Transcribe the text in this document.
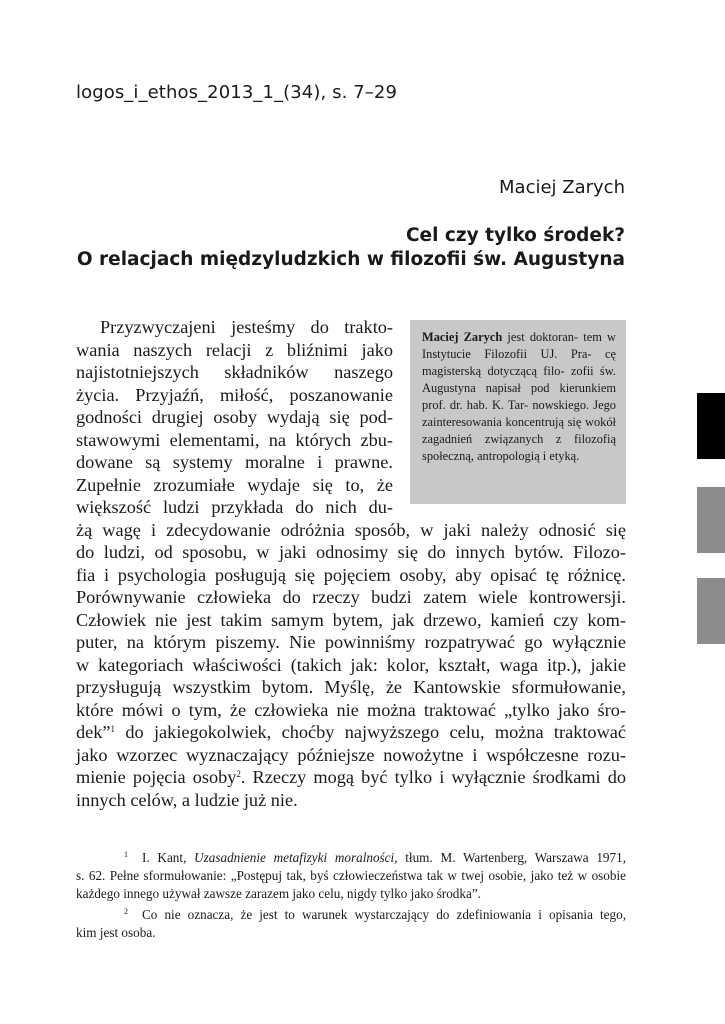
logos_i_ethos_2013_1_(34), s. 7–29
Maciej Zarych
Cel czy tylko środek?
O relacjach międzyludzkich w filozofii św. Augustyna
Maciej Zarych jest doktoran- tem w Instytucie Filozofii UJ. Pra- cę magisterską dotyczącą filo- zofii św. Augustyna napisał pod kierunkiem prof. dr. hab. K. Tar- nowskiego. Jego zainteresowania koncentrują się wokół zagadnień związanych z filozofią społeczną, antropologią i etyką.
Przyzwyczajeni jesteśmy do trakto-
wania naszych relacji z bliźnimi jako
najistotniejszych składników naszego
życia. Przyjaźń, miłość, poszanowanie
godności drugiej osoby wydają się pod-
stawowymi elementami, na których zbu-
dowane są systemy moralne i prawne.
Zupełnie zrozumiałe wydaje się to, że
większość ludzi przykłada do nich du-
żą wagę i zdecydowanie odróżnia sposób, w jaki należy odnosić się
do ludzi, od sposobu, w jaki odnosimy się do innych bytów. Filozo-
fia i psychologia posługują się pojęciem osoby, aby opisać tę różnicę.
Porównywanie człowieka do rzeczy budzi zatem wiele kontrowersji.
Człowiek nie jest takim samym bytem, jak drzewo, kamień czy kom-
puter, na którym piszemy. Nie powinniśmy rozpatrywać go wyłącznie
w kategoriach właściwości (takich jak: kolor, kształt, waga itp.), jakie
przysługują wszystkim bytom. Myślę, że Kantowskie sformułowanie,
które mówi o tym, że człowieka nie można traktować „tylko jako śro-
dek”$^1$ do jakiegokolwiek, choćby najwyższego celu, można traktować
jako wzorzec wyznaczający późniejsze nowożytne i współczesne rozu-
mienie pojęcia osoby$^2$. Rzeczy mogą być tylko i wyłącznie środkami do
innych celów, a ludzie już nie.
$^1$ I. Kant, Uzasadnienie metafizyki moralności, tłum. M. Wartenberg, Warszawa 1971,
s. 62. Pełne sformułowanie: „Postępuj tak, byś człowieczeństwa tak w twej osobie, jako też w osobie
każdego innego używał zawsze zarazem jako celu, nigdy tylko jako środka”.
$^2$ Co nie oznacza, że jest to warunek wystarczający do zdefiniowania i opisania tego,
kim jest osoba.
